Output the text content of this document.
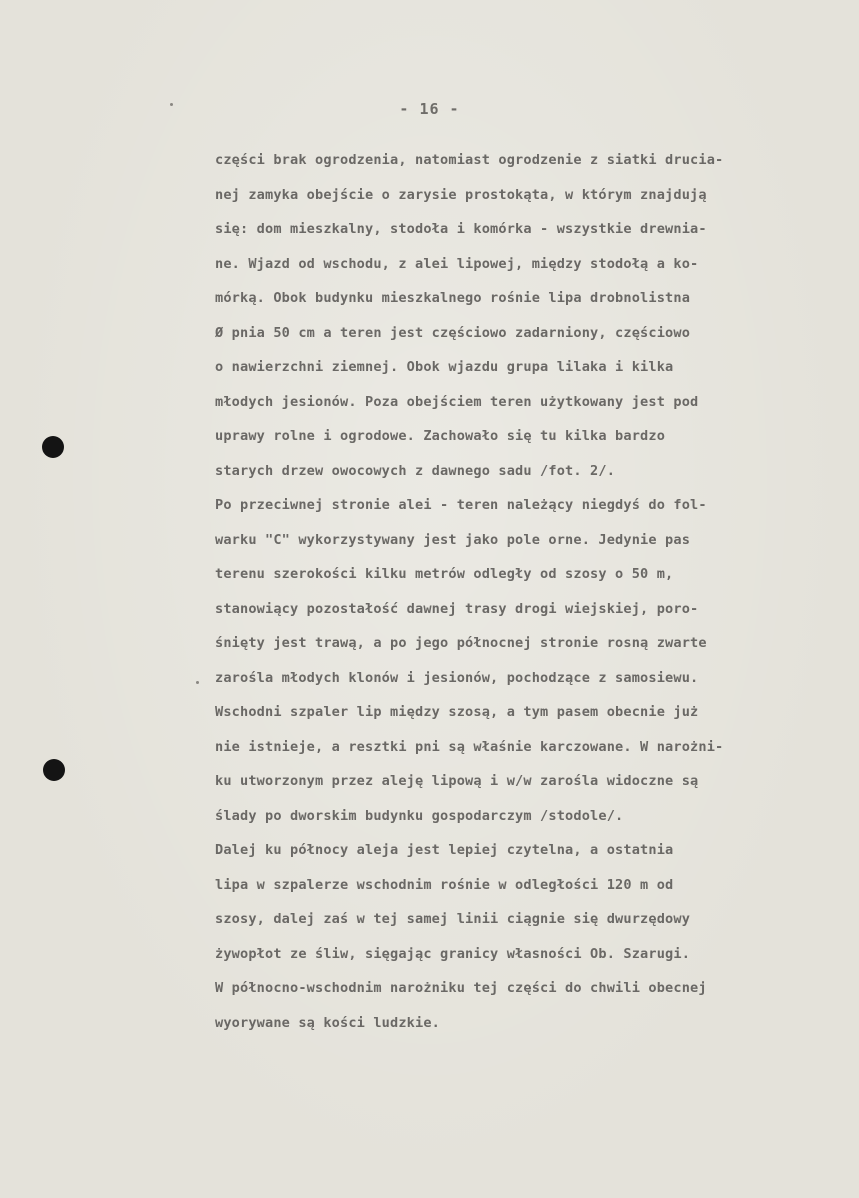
- 16 -
części brak ogrodzenia, natomiast ogrodzenie z siatki druciа-
nej zamyka obejście o zarysie prostokąta, w którym znajdują
się: dom mieszkalny, stodoła i komórka - wszystkie drewnia-
ne. Wjazd od wschodu, z alei lipowej, między stodołą a ko-
mórką. Obok budynku mieszkalnego rośnie lipa drobnolistna
Ø pnia 50 cm a teren jest częściowo zadarniony, częściowo
o nawierzchni ziemnej. Obok wjazdu grupa lilaka i kilka
młodych jesionów. Poza obejściem teren użytkowany jest pod
uprawy rolne i ogrodowe. Zachowało się tu kilka bardzo
starych drzew owocowych z dawnego sadu /fot. 2/.
Po przeciwnej stronie alei - teren należący niegdyś do fol-
warku "C" wykorzystywany jest jako pole orne. Jedynie pas
terenu szerokości kilku metrów odległy od szosy o 50 m,
stanowiący pozostałość dawnej trasy drogi wiejskiej, poro-
śnięty jest trawą, a po jego północnej stronie rosną zwarte
zarośla młodych klonów i jesionów, pochodzące z samosiewu.
Wschodni szpaler lip między szosą, a tym pasem obecnie już
nie istnieje, a resztki pni są właśnie karczowane. W narożni-
ku utworzonym przez aleję lipową i w/w zarośla widoczne są
ślady po dworskim budynku gospodarczym /stodole/.
Dalej ku północy aleja jest lepiej czytelna, a ostatnia
lipa w szpalerze wschodnim rośnie w odległości 120 m od
szosy, dalej zaś w tej samej linii ciągnie się dwurzędowy
żywopłot ze śliw, sięgając granicy własności Ob. Szarugi.
W północno-wschodnim narożniku tej części do chwili obecnej
wyorywane są kości ludzkie.
